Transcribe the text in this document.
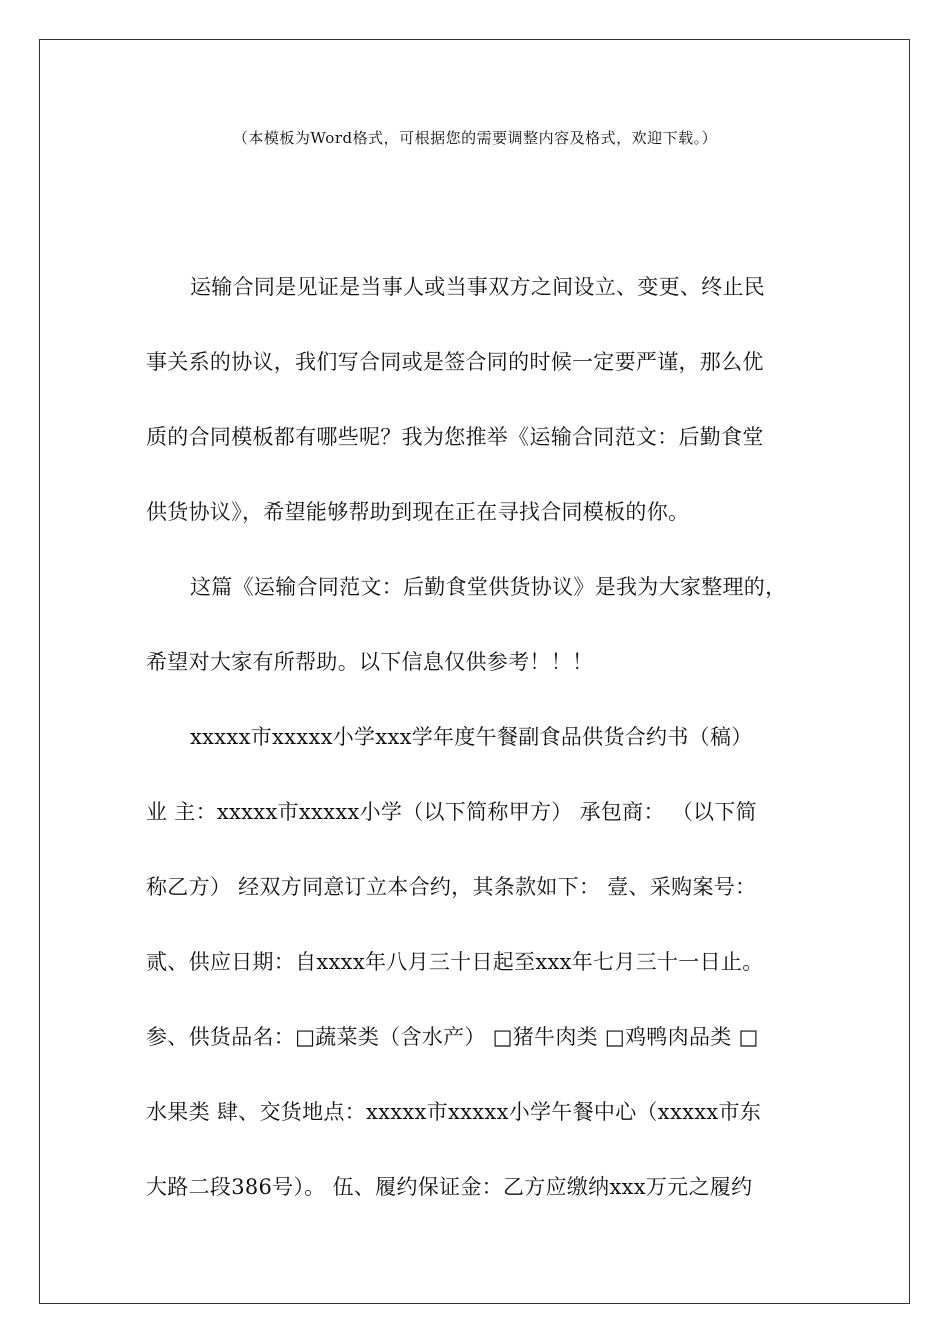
（本模板为Word格式，可根据您的需要调整内容及格式，欢迎下载。）
运输合同是见证是当事人或当事双方之间设立、变更、终止民
事关系的协议，我们写合同或是签合同的时候一定要严谨，那么优
质的合同模板都有哪些呢？我为您推举《运输合同范文：后勤食堂
供货协议》，希望能够帮助到现在正在寻找合同模板的你。
这篇《运输合同范文：后勤食堂供货协议》是我为大家整理的，
希望对大家有所帮助。以下信息仅供参考！！！
xxxxx市xxxxx小学xxx学年度午餐副食品供货合约书（稿）
业 主：xxxxx市xxxxx小学（以下简称甲方） 承包商： （以下简
称乙方） 经双方同意订立本合约，其条款如下： 壹、采购案号：
贰、供应日期：自xxxx年八月三十日起至xxx年七月三十一日止。
参、供货品名：□蔬菜类（含水产） □猪牛肉类 □鸡鸭肉品类 □
水果类 肆、交货地点：xxxxx市xxxxx小学午餐中心（xxxxx市东
大路二段386号）。 伍、履约保证金：乙方应缴纳xxx万元之履约
